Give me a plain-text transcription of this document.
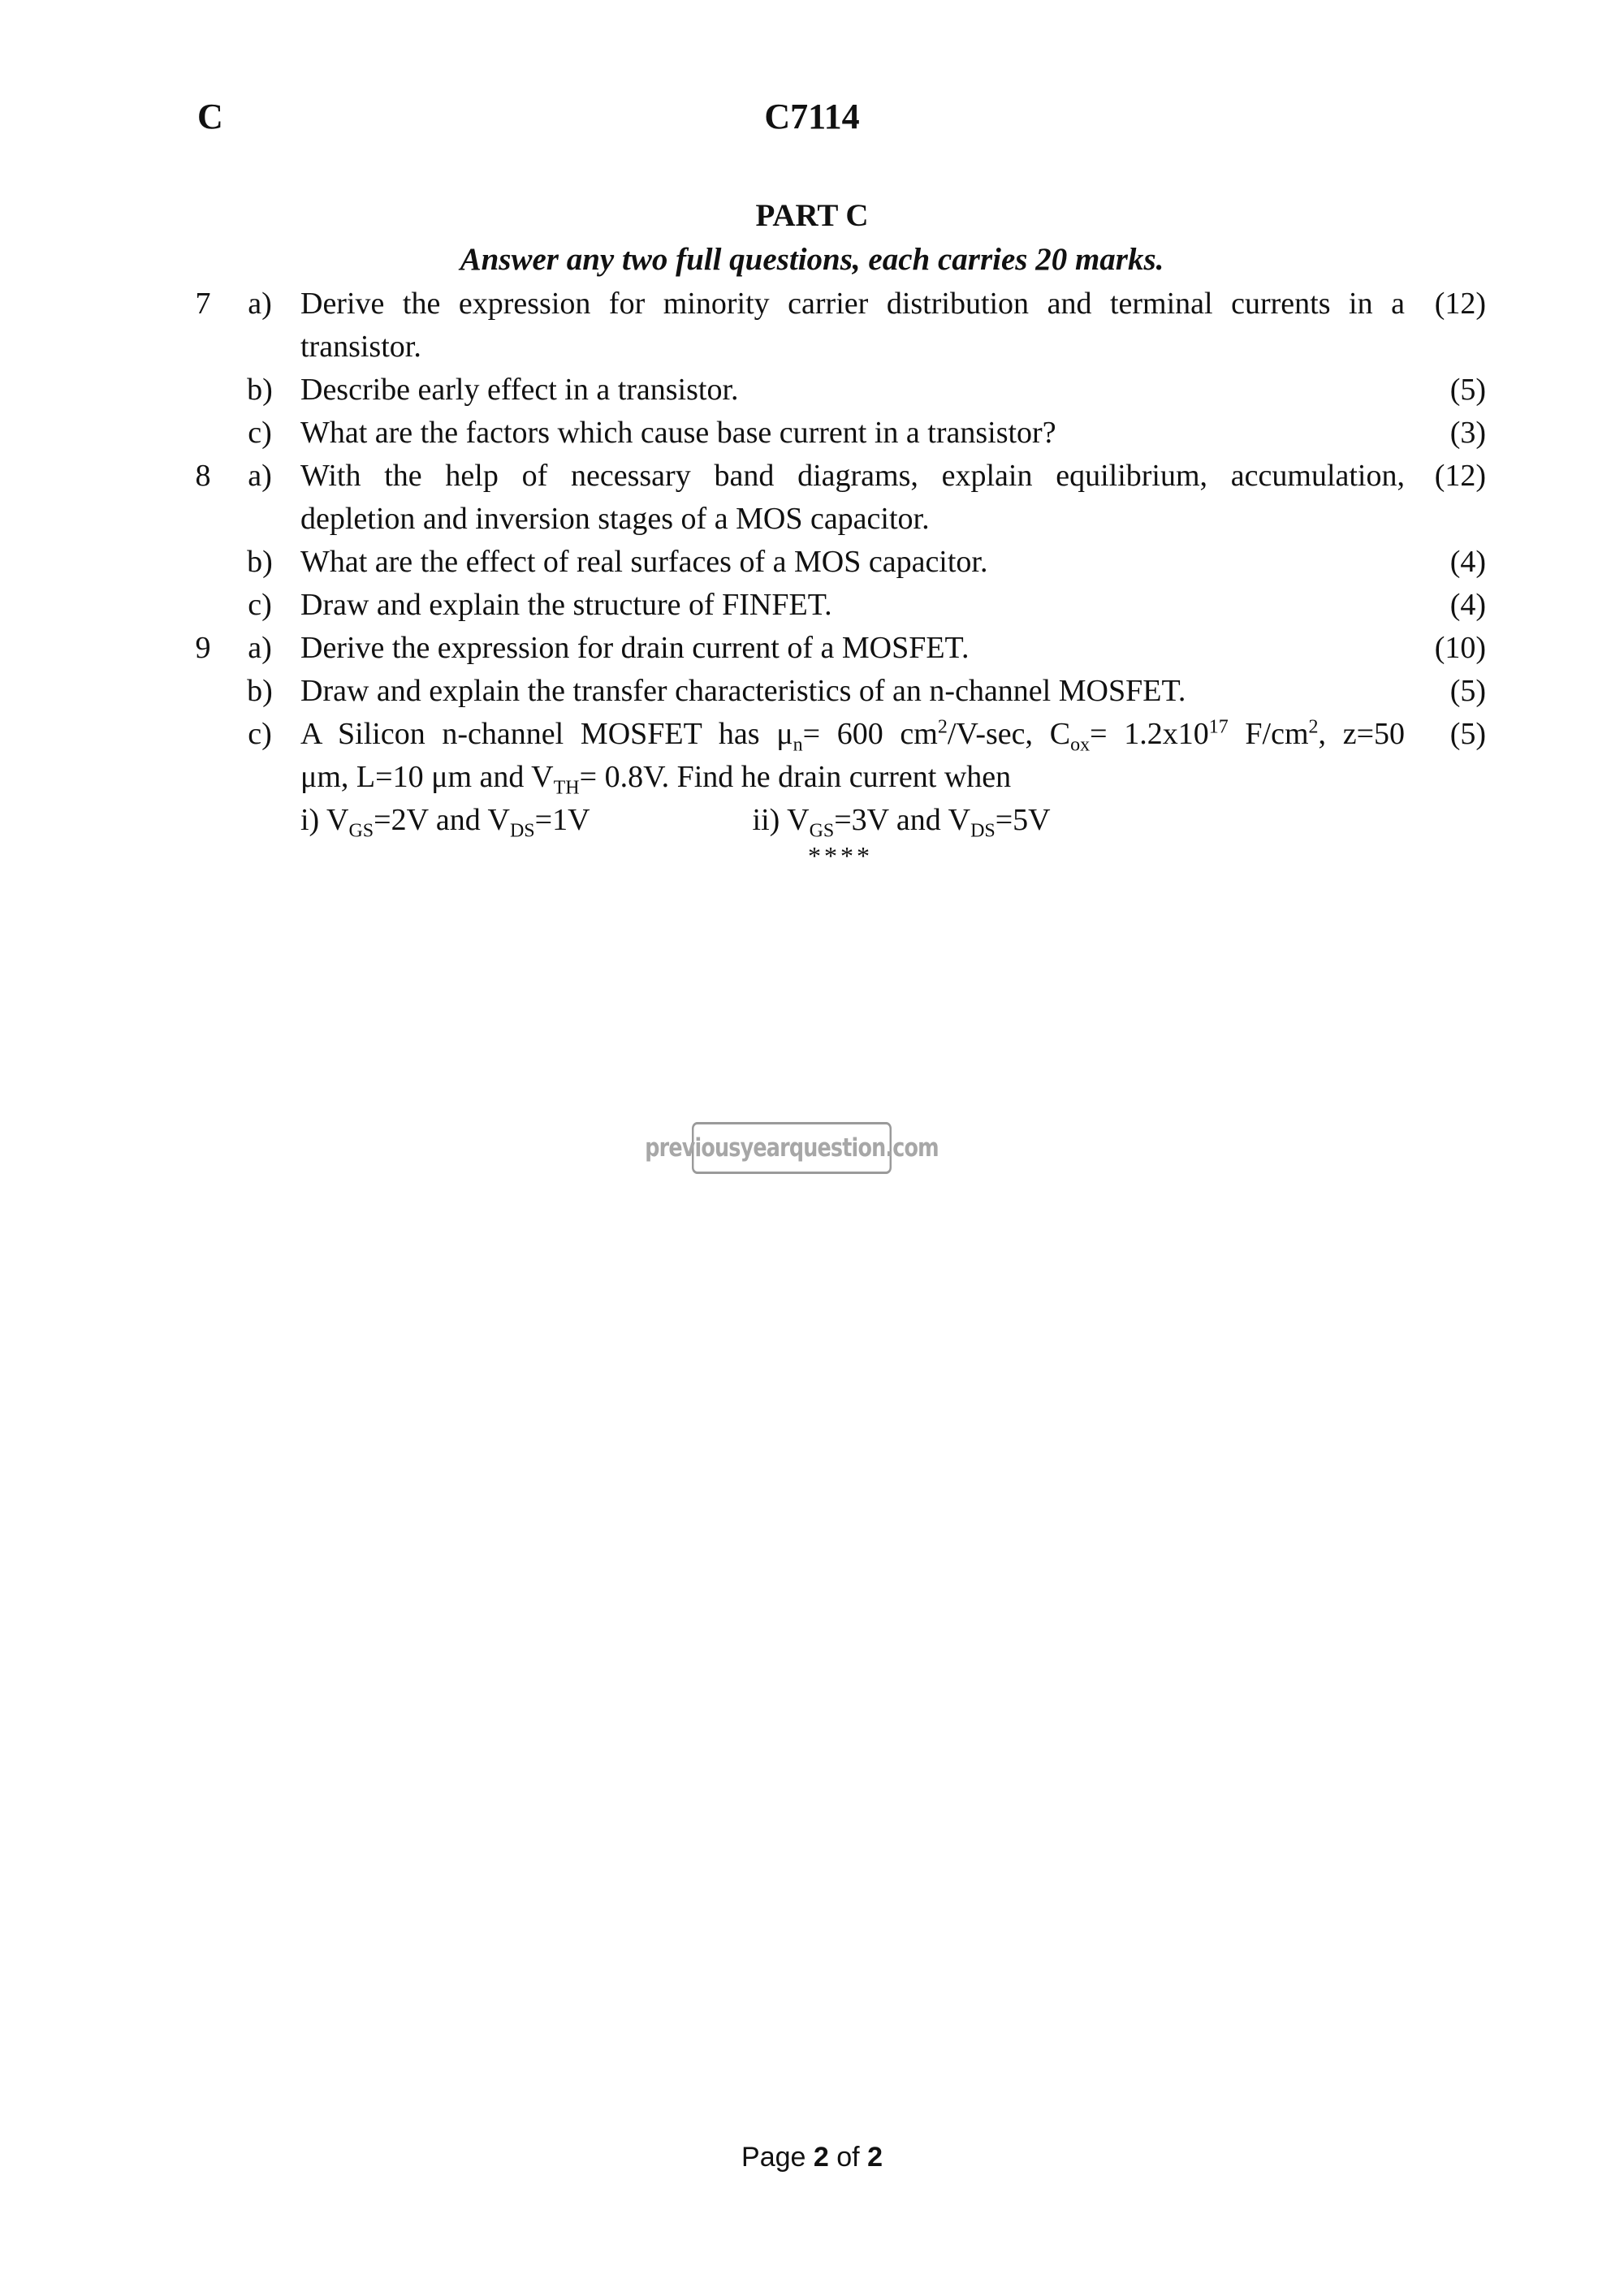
C	C7114
PART C
Answer any two full questions, each carries 20 marks.
7	a) Derive the expression for minority carrier distribution and terminal currents in a (12)
transistor.
b) Describe early effect in a transistor.	(5)
c) What are the factors which cause base current in a transistor?	(3)
8	a) With the help of necessary band diagrams, explain equilibrium, accumulation, (12)
depletion and inversion stages of a MOS capacitor.
b) What are the effect of real surfaces of a MOS capacitor.	(4)
c) Draw and explain the structure of FINFET.	(4)
9	a) Derive the expression for drain current of a MOSFET.	(10)
b) Draw and explain the transfer characteristics of an n-channel MOSFET.	(5)
c) A Silicon n-channel MOSFET has $\mu_n= 600$ $cm^2/V-\sec$, $C_{ox}= 1.2x10^{17}$ $F/cm^2$, z=50	(5)
μm, L=10 μm and $V_{TH}= 0.8V$. Find he drain current when
i) $V_{GS}=2V$ and $V_{DS}=1V$	ii) $V_{GS}=3V$ and $V_{DS}=5V$
****
previousyearquestion.com
Page 2 of 2
